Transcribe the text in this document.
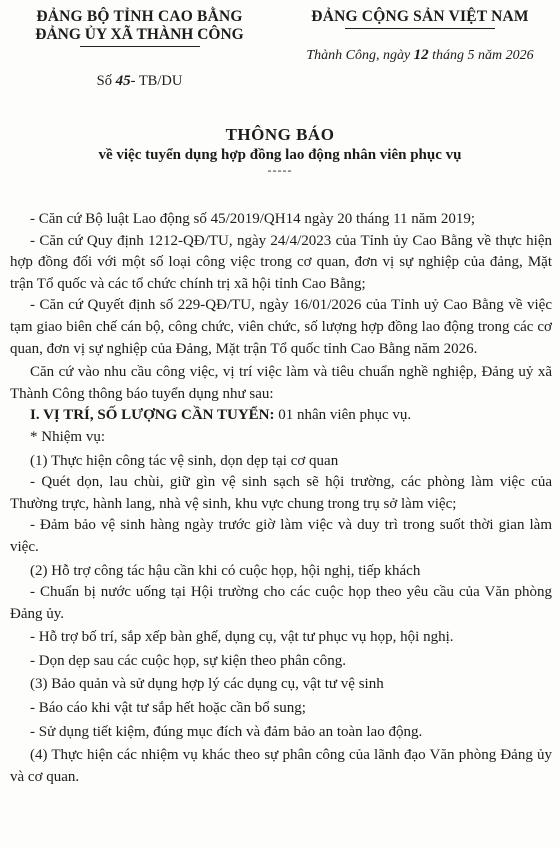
ĐẢNG BỘ TỈNH CAO BẰNG
ĐẢNG ỦY XÃ THÀNH CÔNG
Số 45- TB/DU
ĐẢNG CỘNG SẢN VIỆT NAM
Thành Công, ngày 12 tháng 5 năm 2026
THÔNG BÁO
về việc tuyển dụng hợp đồng lao động nhân viên phục vụ
-----

- Căn cứ Bộ luật Lao động số 45/2019/QH14 ngày 20 tháng 11 năm 2019;

- Căn cứ Quy định 1212-QĐ/TU, ngày 24/4/2023 của Tỉnh ủy Cao Bằng về thực hiện hợp đồng đối với một số loại công việc trong cơ quan, đơn vị sự nghiệp của đảng, Mặt trận Tổ quốc và các tổ chức chính trị xã hội tỉnh Cao Bằng;

- Căn cứ Quyết định số 229-QĐ/TU, ngày 16/01/2026 của Tỉnh uỷ Cao Bằng về việc tạm giao biên chế cán bộ, công chức, viên chức, số lượng hợp đồng lao động trong các cơ quan, đơn vị sự nghiệp của Đảng, Mặt trận Tổ quốc tỉnh Cao Bằng năm 2026.

Căn cứ vào nhu cầu công việc, vị trí việc làm và tiêu chuẩn nghề nghiệp, Đảng uỷ xã Thành Công thông báo tuyển dụng như sau:

I. VỊ TRÍ, SỐ LƯỢNG CẦN TUYỂN: 01 nhân viên phục vụ.

* Nhiệm vụ:

(1) Thực hiện công tác vệ sinh, dọn dẹp tại cơ quan

- Quét dọn, lau chùi, giữ gìn vệ sinh sạch sẽ hội trường, các phòng làm việc của Thường trực, hành lang, nhà vệ sinh, khu vực chung trong trụ sở làm việc;

- Đảm bảo vệ sinh hàng ngày trước giờ làm việc và duy trì trong suốt thời gian làm việc.

(2) Hỗ trợ công tác hậu cần khi có cuộc họp, hội nghị, tiếp khách

- Chuẩn bị nước uống tại Hội trường cho các cuộc họp theo yêu cầu của Văn phòng Đảng ủy.

- Hỗ trợ bố trí, sắp xếp bàn ghế, dụng cụ, vật tư phục vụ họp, hội nghị.

- Dọn dẹp sau các cuộc họp, sự kiện theo phân công.

(3) Bảo quản và sử dụng hợp lý các dụng cụ, vật tư vệ sinh

- Báo cáo khi vật tư sắp hết hoặc cần bổ sung;

- Sử dụng tiết kiệm, đúng mục đích và đảm bảo an toàn lao động.

(4) Thực hiện các nhiệm vụ khác theo sự phân công của lãnh đạo Văn phòng Đảng ủy và cơ quan.
